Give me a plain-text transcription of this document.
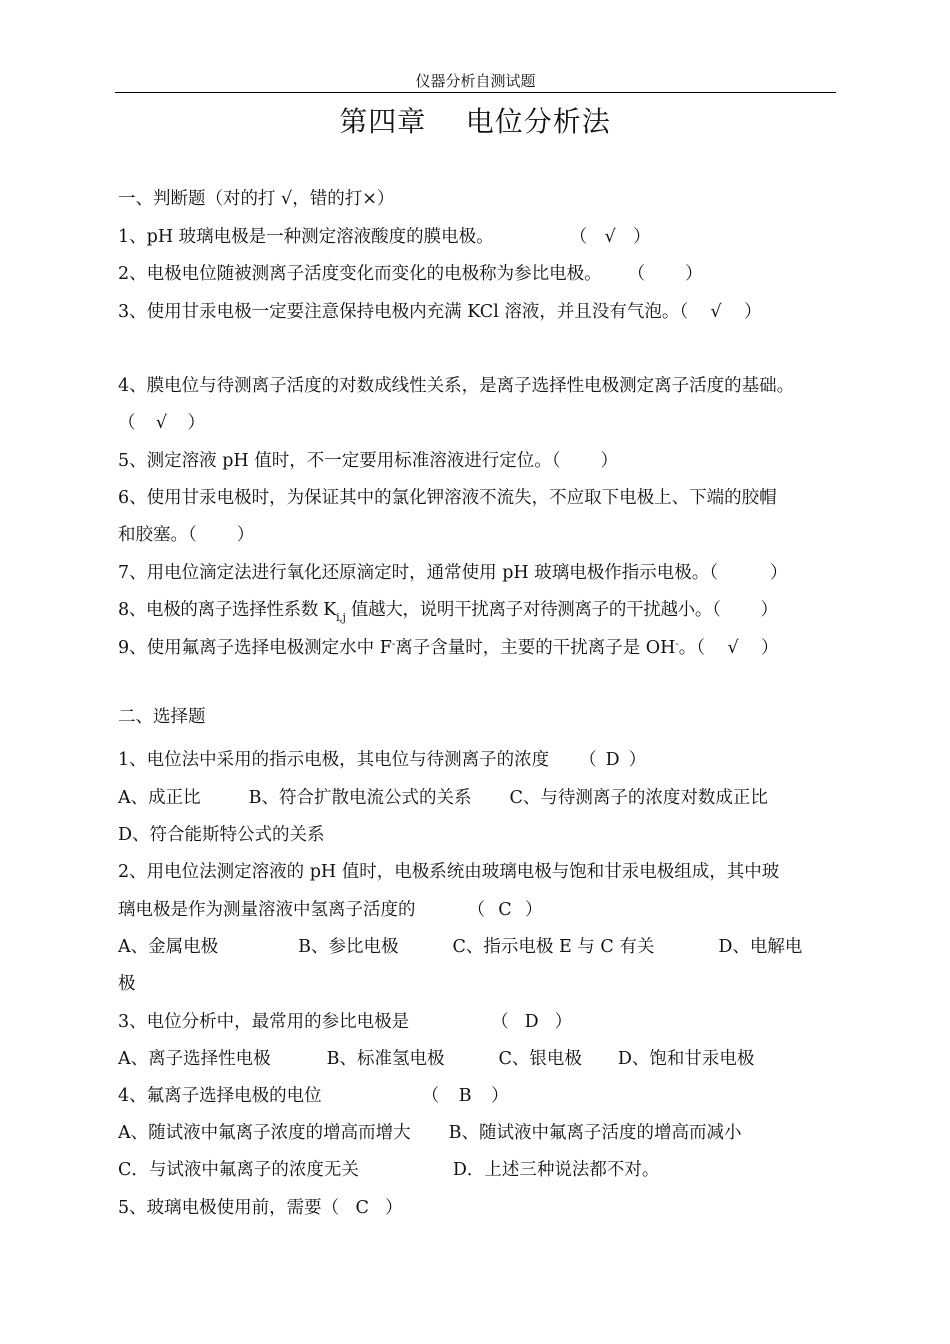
仪器分析自测试题
第四章    电位分析法
一、判断题（对的打 √，错的打×）
1、pH 玻璃电极是一种测定溶液酸度的膜电极。	（ √ ）
2、电极电位随被测离子活度变化而变化的电极称为参比电极。 （ ）
3、使用甘汞电极一定要注意保持电极内充满 KCl 溶液，并且没有气泡。（ √ ）
4、膜电位与待测离子活度的对数成线性关系，是离子选择性电极测定离子活度的基础。
（ √ ）
5、测定溶液 pH 值时，不一定要用标准溶液进行定位。（ ）
6、使用甘汞电极时，为保证其中的氯化钾溶液不流失，不应取下电极上、下端的胶帽
和胶塞。（ ）
7、用电位滴定法进行氧化还原滴定时，通常使用 pH 玻璃电极作指示电极。（	）
8、电极的离子选择性系数 $K_{i,j}$ 值越大，说明干扰离子对待测离子的干扰越小。（ ）
9、使用氟离子选择电极测定水中 F-离子含量时，主要的干扰离子是 OH-。（ √ ）
二、选择题
1、电位法中采用的指示电极，其电位与待测离子的浓度 （ D ）
A、成正比	B、符合扩散电流公式的关系 C、与待测离子的浓度对数成正比
D、符合能斯特公式的关系
2、用电位法测定溶液的 pH 值时，电极系统由玻璃电极与饱和甘汞电极组成，其中玻
璃电极是作为测量溶液中氢离子活度的	（ C ）
A、金属电极	B、参比电极	C、指示电极 E 与 C 有关	D、电解电
极
3、电位分析中，最常用的参比电极是	（ D ）
A、离子选择性电极	B、标准氢电极	C、银电极 D、饱和甘汞电极
4、氟离子选择电极的电位	（ B ）
A、随试液中氟离子浓度的增高而增大 B、随试液中氟离子活度的增高而减小
C．与试液中氟离子的浓度无关	D．上述三种说法都不对。
5、玻璃电极使用前，需要（ C ）
